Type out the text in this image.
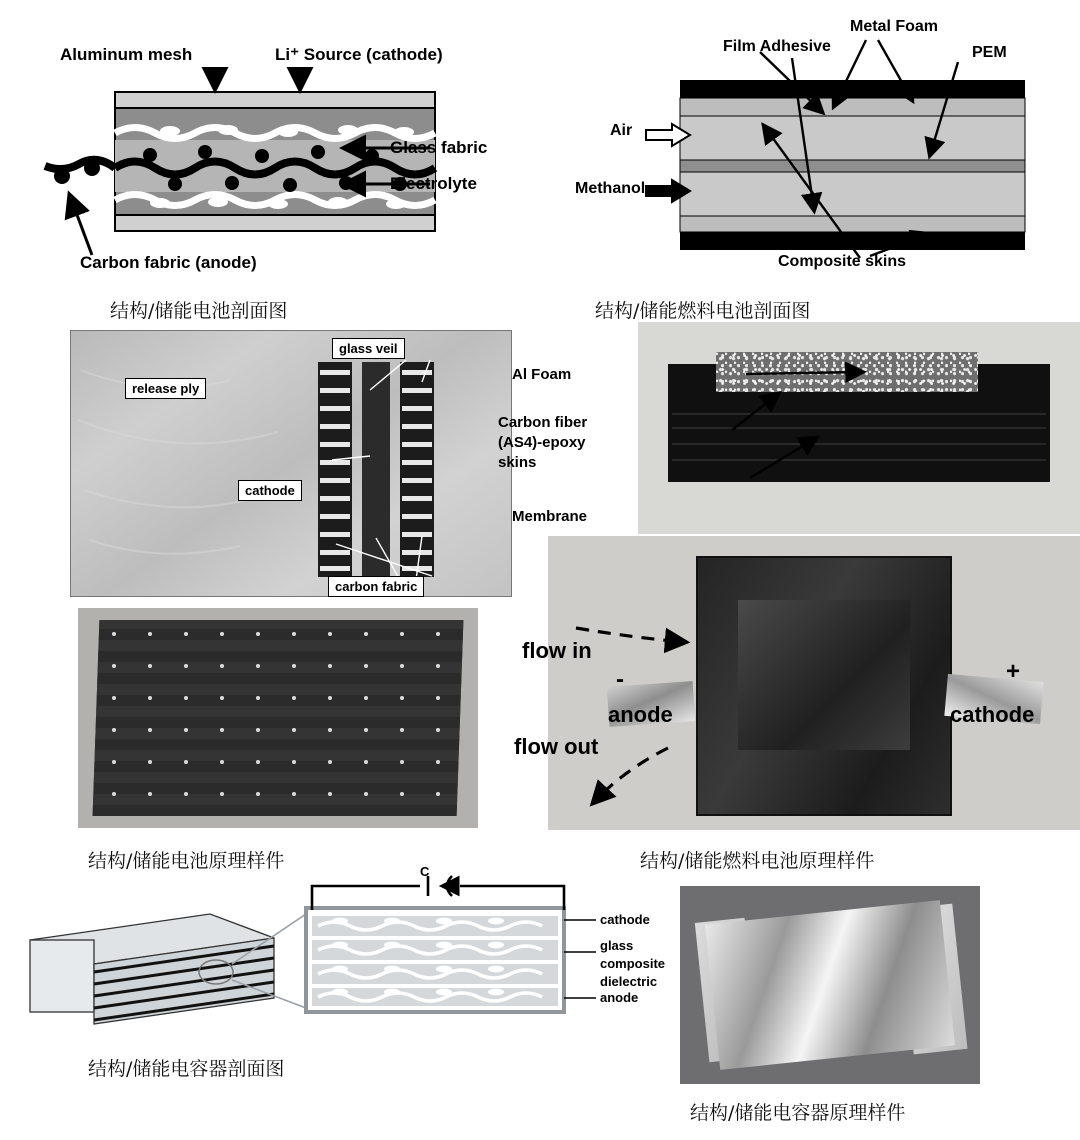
Aluminum mesh	Li⁺ Source (cathode)
Glass fabric
Electrolyte
Carbon fabric (anode)
结构/储能电池剖面图
Film Adhesive
Metal Foam
PEM
Air
Methanol
Composite skins
结构/储能燃料电池剖面图
release ply
glass veil
cathode
carbon fabric
结构/储能电池原理样件
Al Foam
Carbon fiber
(AS4)-epoxy
skins
Membrane
flow in
flow out
anode	cathode
-	+
结构/储能燃料电池原理样件
C
cathode
glass
composite
dielectric
anode
结构/储能电容器剖面图
结构/储能电容器原理样件
